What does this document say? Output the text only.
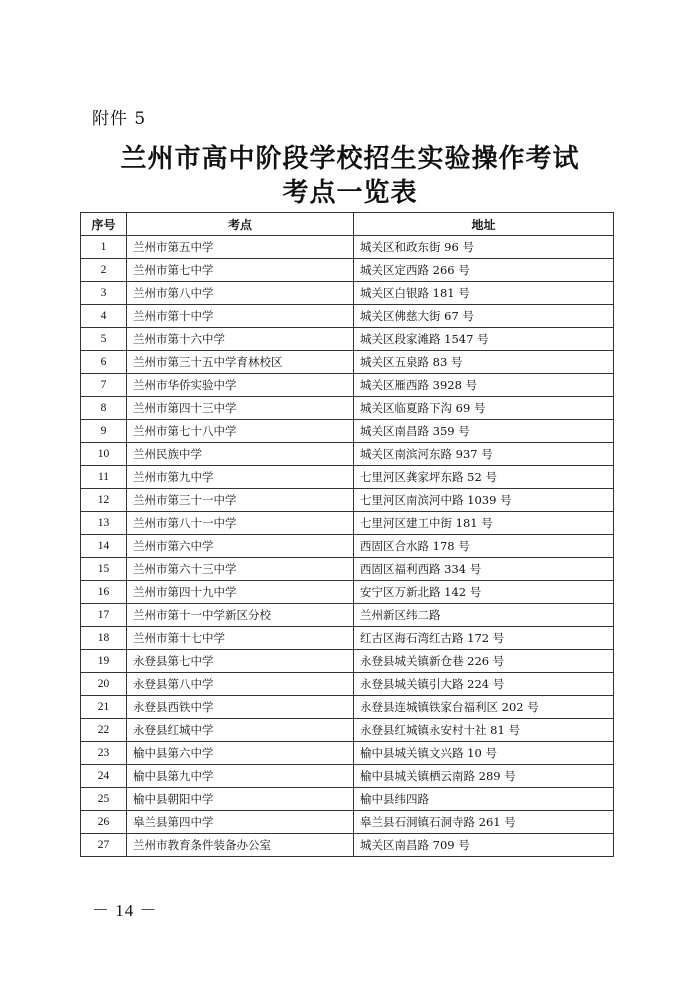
附件 5
兰州市高中阶段学校招生实验操作考试
考点一览表
序号	考点	地址
1	兰州市第五中学	城关区和政东街 96 号
2	兰州市第七中学	城关区定西路 266 号
3	兰州市第八中学	城关区白银路 181 号
4	兰州市第十中学	城关区佛慈大街 67 号
5	兰州市第十六中学	城关区段家滩路 1547 号
6	兰州市第三十五中学育林校区	城关区五泉路 83 号
7	兰州市华侨实验中学	城关区雁西路 3928 号
8	兰州市第四十三中学	城关区临夏路下沟 69 号
9	兰州市第七十八中学	城关区南昌路 359 号
10	兰州民族中学	城关区南滨河东路 937 号
11	兰州市第九中学	七里河区龚家坪东路 52 号
12	兰州市第三十一中学	七里河区南滨河中路 1039 号
13	兰州市第八十一中学	七里河区建工中街 181 号
14	兰州市第六中学	西固区合水路 178 号
15	兰州市第六十三中学	西固区福利西路 334 号
16	兰州市第四十九中学	安宁区万新北路 142 号
17	兰州市第十一中学新区分校	兰州新区纬二路
18	兰州市第十七中学	红古区海石湾红古路 172 号
19	永登县第七中学	永登县城关镇新仓巷 226 号
20	永登县第八中学	永登县城关镇引大路 224 号
21	永登县西铁中学	永登县连城镇铁家台福利区 202 号
22	永登县红城中学	永登县红城镇永安村十社 81 号
23	榆中县第六中学	榆中县城关镇文兴路 10 号
24	榆中县第九中学	榆中县城关镇栖云南路 289 号
25	榆中县朝阳中学	榆中县纬四路
26	皋兰县第四中学	皋兰县石洞镇石洞寺路 261 号
27	兰州市教育条件装备办公室	城关区南昌路 709 号
－ 14 －
